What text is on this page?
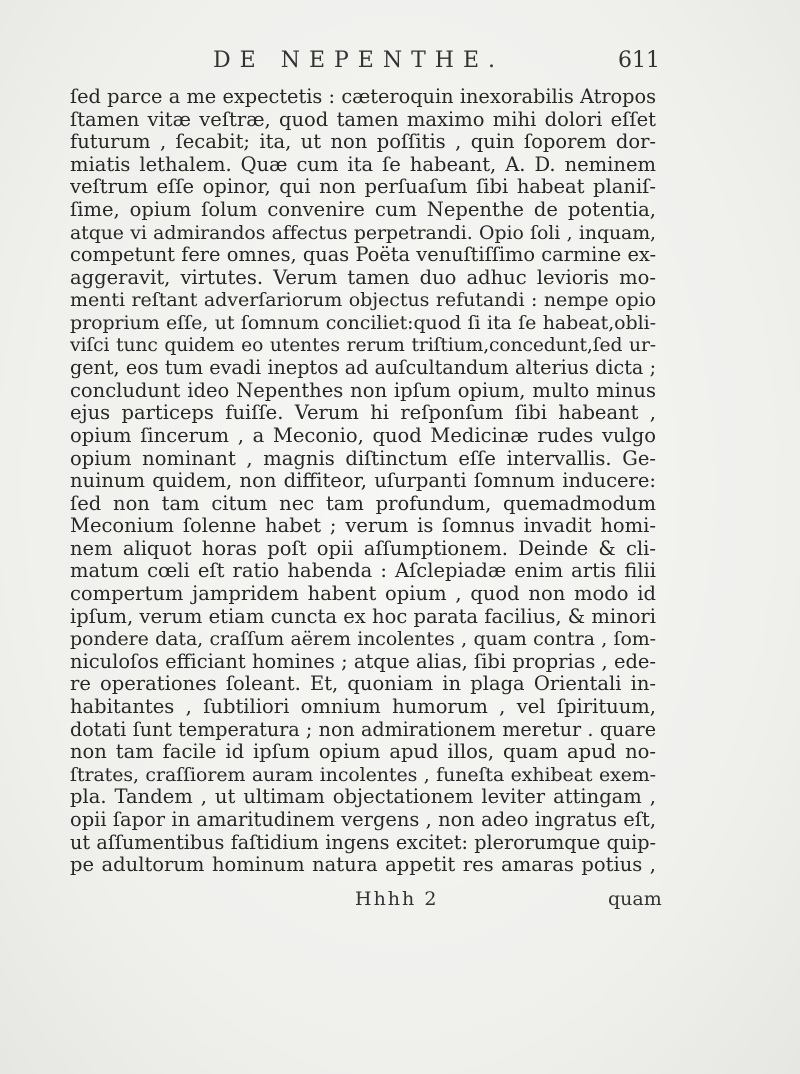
DE NEPENTHE.	611
ſed parce a me expectetis : cæteroquin inexorabilis Atropos
ſtamen vitæ veſtræ, quod tamen maximo mihi dolori eſſet
futurum , ſecabit; ita, ut non poſſitis , quin ſoporem dor-
miatis lethalem. Quæ cum ita ſe habeant, A. D. neminem
veſtrum eſſe opinor, qui non perſuaſum ſibi habeat planiſ-
ſime, opium ſolum convenire cum Nepenthe de potentia,
atque vi admirandos affectus perpetrandi. Opio ſoli , inquam,
competunt fere omnes, quas Poëta venuſtiſſimo carmine ex-
aggeravit, virtutes. Verum tamen duo adhuc levioris mo-
menti reſtant adverſariorum objectus refutandi : nempe opio
proprium eſſe, ut ſomnum conciliet:quod ſi ita ſe habeat,obli-
viſci tunc quidem eo utentes rerum triſtium,concedunt,ſed ur-
gent, eos tum evadi ineptos ad auſcultandum alterius dicta ;
concludunt ideo Nepenthes non ipſum opium, multo minus
ejus particeps fuiſſe. Verum hi reſponſum ſibi habeant ,
opium ſincerum , a Meconio, quod Medicinæ rudes vulgo
opium nominant , magnis diſtinctum eſſe intervallis. Ge-
nuinum quidem, non diffiteor, uſurpanti ſomnum inducere:
ſed non tam citum nec tam profundum, quemadmodum
Meconium ſolenne habet ; verum is ſomnus invadit homi-
nem aliquot horas poſt opii aſſumptionem. Deinde & cli-
matum cœli eſt ratio habenda : Aſclepiadæ enim artis filii
compertum jampridem habent opium , quod non modo id
ipſum, verum etiam cuncta ex hoc parata facilius, & minori
pondere data, craſſum aërem incolentes , quam contra , ſom-
niculoſos efficiant homines ; atque alias, ſibi proprias , ede-
re operationes ſoleant. Et, quoniam in plaga Orientali in-
habitantes , ſubtiliori omnium humorum , vel ſpirituum,
dotati ſunt temperatura ; non admirationem meretur . quare
non tam facile id ipſum opium apud illos, quam apud no-
ſtrates, craſſiorem auram incolentes , funeſta exhibeat exem-
pla. Tandem , ut ultimam objectationem leviter attingam ,
opii ſapor in amaritudinem vergens , non adeo ingratus eſt,
ut aſſumentibus faſtidium ingens excitet: plerorumque quip-
pe adultorum hominum natura appetit res amaras potius ,
Hhhh 2	quam
